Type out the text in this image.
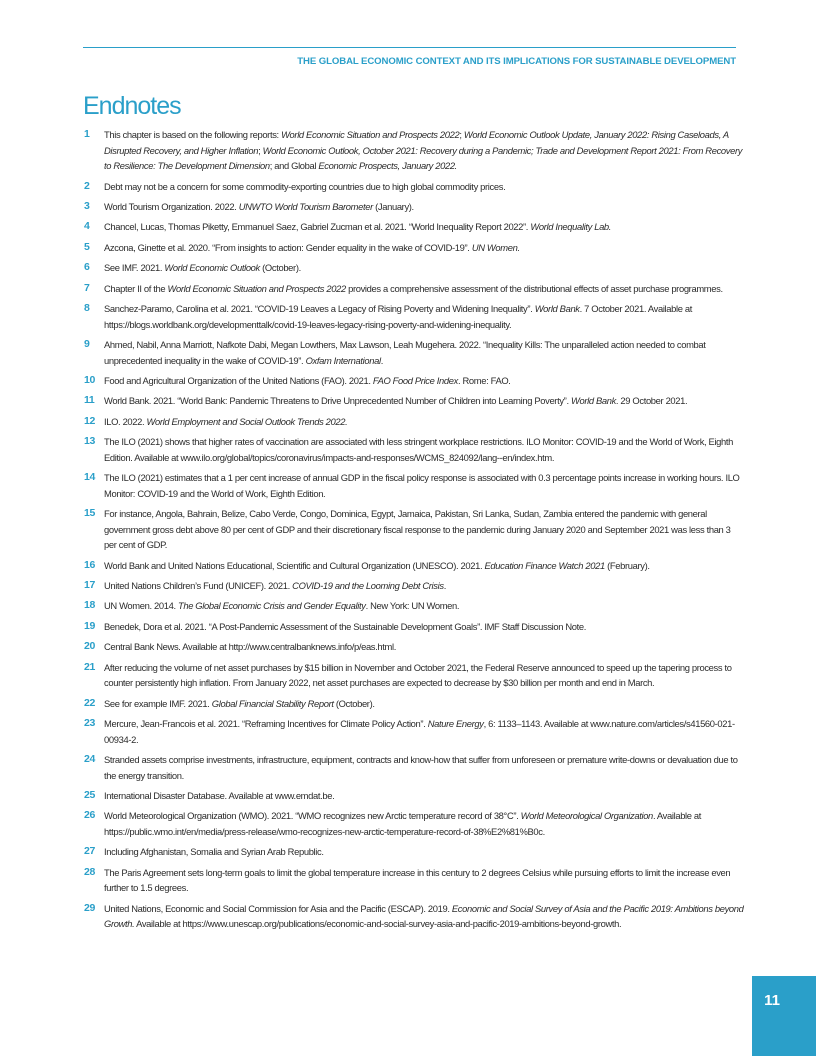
THE GLOBAL ECONOMIC CONTEXT AND ITS IMPLICATIONS FOR SUSTAINABLE DEVELOPMENT
Endnotes
1 This chapter is based on the following reports: World Economic Situation and Prospects 2022; World Economic Outlook Update, January 2022: Rising Caseloads, A Disrupted Recovery, and Higher Inflation; World Economic Outlook, October 2021: Recovery during a Pandemic; Trade and Development Report 2021: From Recovery to Resilience: The Development Dimension; and Global Economic Prospects, January 2022.
2 Debt may not be a concern for some commodity-exporting countries due to high global commodity prices.
3 World Tourism Organization. 2022. UNWTO World Tourism Barometer (January).
4 Chancel, Lucas, Thomas Piketty, Emmanuel Saez, Gabriel Zucman et al. 2021. “World Inequality Report 2022”. World Inequality Lab.
5 Azcona, Ginette et al. 2020. “From insights to action: Gender equality in the wake of COVID-19”. UN Women.
6 See IMF. 2021. World Economic Outlook (October).
7 Chapter II of the World Economic Situation and Prospects 2022 provides a comprehensive assessment of the distributional effects of asset purchase programmes.
8 Sanchez-Paramo, Carolina et al. 2021. “COVID-19 Leaves a Legacy of Rising Poverty and Widening Inequality”. World Bank. 7 October 2021. Available at https://blogs.worldbank.org/developmenttalk/covid-19-leaves-legacy-rising-poverty-and-widening-inequality.
9 Ahmed, Nabil, Anna Marriott, Nafkote Dabi, Megan Lowthers, Max Lawson, Leah Mugehera. 2022. “Inequality Kills: The unparalleled action needed to combat unprecedented inequality in the wake of COVID-19”. Oxfam International.
10 Food and Agricultural Organization of the United Nations (FAO). 2021. FAO Food Price Index. Rome: FAO.
11 World Bank. 2021. “World Bank: Pandemic Threatens to Drive Unprecedented Number of Children into Learning Poverty”. World Bank. 29 October 2021.
12 ILO. 2022. World Employment and Social Outlook Trends 2022.
13 The ILO (2021) shows that higher rates of vaccination are associated with less stringent workplace restrictions. ILO Monitor: COVID-19 and the World of Work, Eighth Edition. Available at www.ilo.org/global/topics/coronavirus/impacts-and-responses/WCMS_824092/lang--en/index.htm.
14 The ILO (2021) estimates that a 1 per cent increase of annual GDP in the fiscal policy response is associated with 0.3 percentage points increase in working hours. ILO Monitor: COVID-19 and the World of Work, Eighth Edition.
15 For instance, Angola, Bahrain, Belize, Cabo Verde, Congo, Dominica, Egypt, Jamaica, Pakistan, Sri Lanka, Sudan, Zambia entered the pandemic with general government gross debt above 80 per cent of GDP and their discretionary fiscal response to the pandemic during January 2020 and September 2021 was less than 3 per cent of GDP.
16 World Bank and United Nations Educational, Scientific and Cultural Organization (UNESCO). 2021. Education Finance Watch 2021 (February).
17 United Nations Children’s Fund (UNICEF). 2021. COVID-19 and the Looming Debt Crisis.
18 UN Women. 2014. The Global Economic Crisis and Gender Equality. New York: UN Women.
19 Benedek, Dora et al. 2021. “A Post-Pandemic Assessment of the Sustainable Development Goals”. IMF Staff Discussion Note.
20 Central Bank News. Available at http://www.centralbanknews.info/p/eas.html.
21 After reducing the volume of net asset purchases by $15 billion in November and October 2021, the Federal Reserve announced to speed up the tapering process to counter persistently high inflation. From January 2022, net asset purchases are expected to decrease by $30 billion per month and end in March.
22 See for example IMF. 2021. Global Financial Stability Report (October).
23 Mercure, Jean-Francois et al. 2021. “Reframing Incentives for Climate Policy Action”. Nature Energy, 6: 1133–1143. Available at www.nature.com/articles/s41560-021-00934-2.
24 Stranded assets comprise investments, infrastructure, equipment, contracts and know-how that suffer from unforeseen or premature write-downs or devaluation due to the energy transition.
25 International Disaster Database. Available at www.emdat.be.
26 World Meteorological Organization (WMO). 2021. “WMO recognizes new Arctic temperature record of 38°C”. World Meteorological Organization. Available at https://public.wmo.int/en/media/press-release/wmo-recognizes-new-arctic-temperature-record-of-38%E2%81%B0c.
27 Including Afghanistan, Somalia and Syrian Arab Republic.
28 The Paris Agreement sets long-term goals to limit the global temperature increase in this century to 2 degrees Celsius while pursuing efforts to limit the increase even further to 1.5 degrees.
29 United Nations, Economic and Social Commission for Asia and the Pacific (ESCAP). 2019. Economic and Social Survey of Asia and the Pacific 2019: Ambitions beyond Growth. Available at https://www.unescap.org/publications/economic-and-social-survey-asia-and-pacific-2019-ambitions-beyond-growth.
11
